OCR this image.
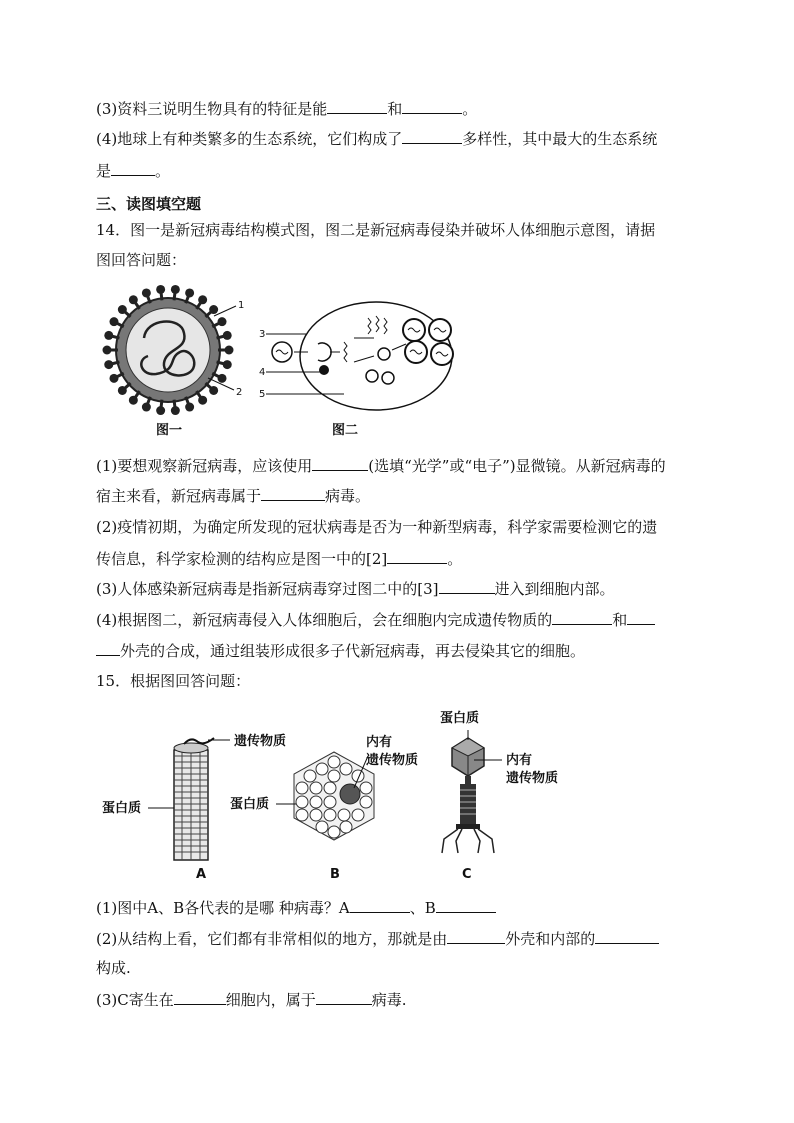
(3)资料三说明生物具有的特征是能	和	。
(4)地球上有种类繁多的生态系统，它们构成了	多样性，其中最大的生态系统
是	。
三、读图填空题
14．图一是新冠病毒结构模式图，图二是新冠病毒侵染并破坏人体细胞示意图，请据
图回答问题：
1
2
图一
3
4
5
图二
(1)要想观察新冠病毒，应该使用	(选填“光学”或“电子”)显微镜。从新冠病毒的
宿主来看，新冠病毒属于	病毒。
(2)疫情初期，为确定所发现的冠状病毒是否为一种新型病毒，科学家需要检测它的遗
传信息，科学家检测的结构应是图一中的[2]	。
(3)人体感染新冠病毒是指新冠病毒穿过图二中的[3]	进入到细胞内部。
(4)根据图二，新冠病毒侵入人体细胞后，会在细胞内完成遗传物质的	和
外壳的合成，通过组装形成很多子代新冠病毒，再去侵染其它的细胞。
15．根据图回答问题：
遗传物质
蛋白质
A
内有
遗传物质
蛋白质
B
蛋白质
内有
遗传物质
C
(1)图中A、B各代表的是哪 种病毒？A	、B
(2)从结构上看，它们都有非常相似的地方，那就是由	外壳和内部的
构成.
(3)C寄生在	细胞内，属于	病毒.
